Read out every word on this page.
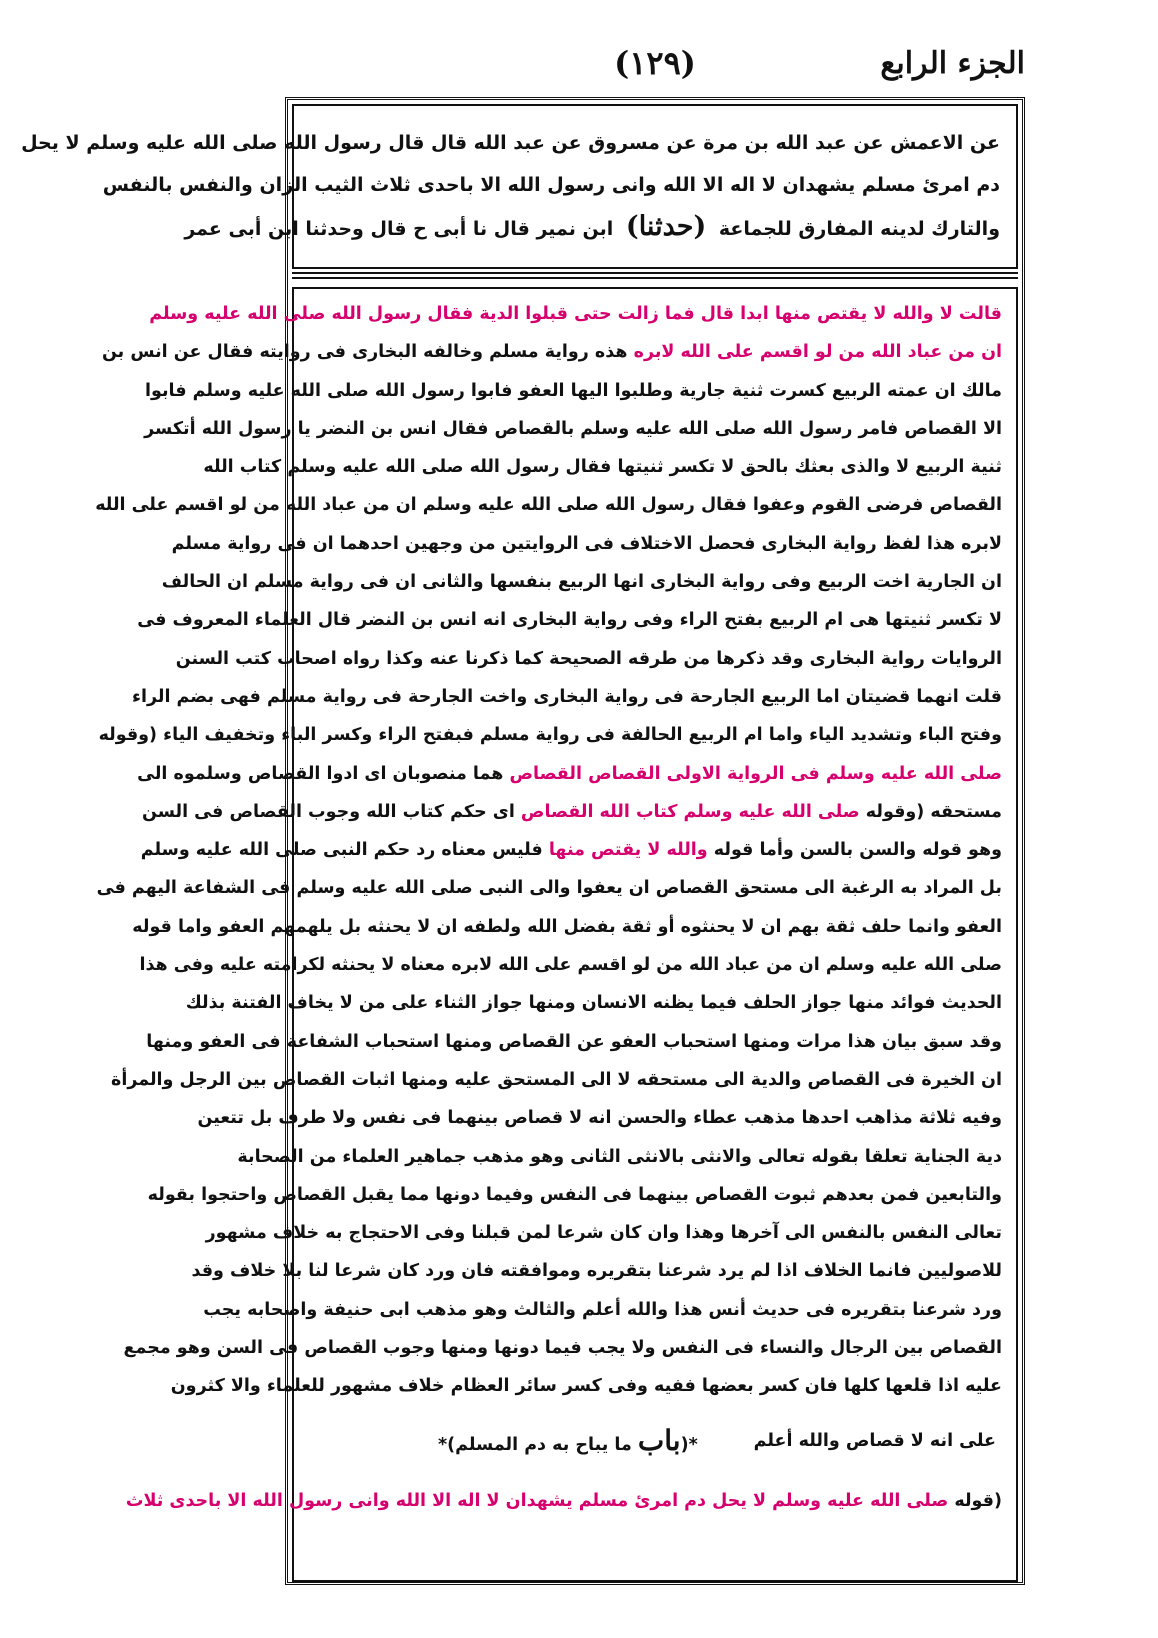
الجزء الرابع
(١٢٩)
عن الاعمش عن عبد الله بن مرة عن مسروق عن عبد الله قال قال رسول الله صلى الله عليه وسلم لا يحل
دم امرئ مسلم يشهدان لا اله الا الله وانى رسول الله الا باحدى ثلاث الثيب الزان والنفس بالنفس
والتارك لدينه المفارق للجماعة (حدثنا) ابن نمير قال نا أبى ح قال وحدثنا ابن أبى عمر
قالت لا والله لا يقتص منها ابدا قال فما زالت حتى قبلوا الدية فقال رسول الله صلى الله عليه وسلم
ان من عباد الله من لو اقسم على الله لابره هذه رواية مسلم وخالفه البخارى فى روايته فقال عن انس بن
مالك ان عمته الربيع كسرت ثنية جارية وطلبوا اليها العفو فابوا رسول الله صلى الله عليه وسلم فابوا
الا القصاص فامر رسول الله صلى الله عليه وسلم بالقصاص فقال انس بن النضر يا رسول الله أتكسر
ثنية الربيع لا والذى بعثك بالحق لا تكسر ثنيتها فقال رسول الله صلى الله عليه وسلم كتاب الله
القصاص فرضى القوم وعفوا فقال رسول الله صلى الله عليه وسلم ان من عباد الله من لو اقسم على الله
لابره هذا لفظ رواية البخارى فحصل الاختلاف فى الروايتين من وجهين احدهما ان فى رواية مسلم
ان الجارية اخت الربيع وفى رواية البخارى انها الربيع بنفسها والثانى ان فى رواية مسلم ان الحالف
لا تكسر ثنيتها هى ام الربيع بفتح الراء وفى رواية البخارى انه انس بن النضر قال العلماء المعروف فى
الروايات رواية البخارى وقد ذكرها من طرقه الصحيحة كما ذكرنا عنه وكذا رواه اصحاب كتب السنن
قلت انهما قضيتان اما الربيع الجارحة فى رواية البخارى واخت الجارحة فى رواية مسلم فهى بضم الراء
وفتح الباء وتشديد الياء واما ام الربيع الحالفة فى رواية مسلم فبفتح الراء وكسر الباء وتخفيف الياء (وقوله
صلى الله عليه وسلم فى الرواية الاولى القصاص القصاص هما منصوبان اى ادوا القصاص وسلموه الى
مستحقه (وقوله صلى الله عليه وسلم كتاب الله القصاص اى حكم كتاب الله وجوب القصاص فى السن
وهو قوله والسن بالسن وأما قوله والله لا يقتص منها فليس معناه رد حكم النبى صلى الله عليه وسلم
بل المراد به الرغبة الى مستحق القصاص ان يعفوا والى النبى صلى الله عليه وسلم فى الشفاعة اليهم فى
العفو وانما حلف ثقة بهم ان لا يحنثوه أو ثقة بفضل الله ولطفه ان لا يحنثه بل يلهمهم العفو واما قوله
صلى الله عليه وسلم ان من عباد الله من لو اقسم على الله لابره معناه لا يحنثه لكرامته عليه وفى هذا
الحديث فوائد منها جواز الحلف فيما يظنه الانسان ومنها جواز الثناء على من لا يخاف الفتنة بذلك
وقد سبق بيان هذا مرات ومنها استحباب العفو عن القصاص ومنها استحباب الشفاعة فى العفو ومنها
ان الخيرة فى القصاص والدية الى مستحقه لا الى المستحق عليه ومنها اثبات القصاص بين الرجل والمرأة
وفيه ثلاثة مذاهب احدها مذهب عطاء والحسن انه لا قصاص بينهما فى نفس ولا طرف بل تتعين
دية الجناية تعلقا بقوله تعالى والانثى بالانثى الثانى وهو مذهب جماهير العلماء من الصحابة
والتابعين فمن بعدهم ثبوت القصاص بينهما فى النفس وفيما دونها مما يقبل القصاص واحتجوا بقوله
تعالى النفس بالنفس الى آخرها وهذا وان كان شرعا لمن قبلنا وفى الاحتجاج به خلاف مشهور
للاصوليين فانما الخلاف اذا لم يرد شرعنا بتقريره وموافقته فان ورد كان شرعا لنا بلا خلاف وقد
ورد شرعنا بتقريره فى حديث أنس هذا والله أعلم والثالث وهو مذهب ابى حنيفة واصحابه يجب
القصاص بين الرجال والنساء فى النفس ولا يجب فيما دونها ومنها وجوب القصاص فى السن وهو مجمع
عليه اذا قلعها كلها فان كسر بعضها ففيه وفى كسر سائر العظام خلاف مشهور للعلماء والا كثرون
على انه لا قصاص والله أعلم
*(باب ما يباح به دم المسلم)*
(قوله صلى الله عليه وسلم لا يحل دم امرئ مسلم يشهدان لا اله الا الله وانى رسول الله الا باحدى ثلاث
